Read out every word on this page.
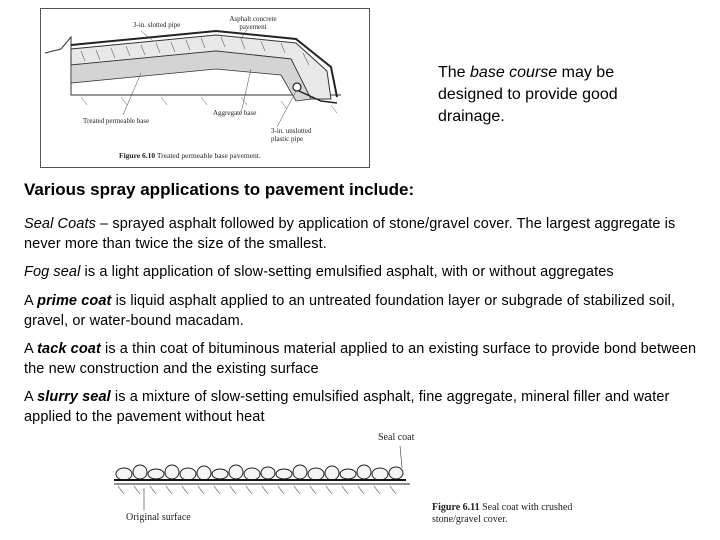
3-in. slotted pipe
Asphalt concrete pavement
Treated permeable base
Aggregate base
3-in. unslotted plastic pipe
Figure 6.10 Treated permeable base pavement.
The base course may be designed to provide good drainage.
Various spray applications to pavement include:
Seal Coats – sprayed asphalt followed by application of stone/gravel cover. The largest aggregate is never more than twice the size of the smallest.
Fog seal is a light application of slow-setting emulsified asphalt, with or without aggregates
A prime coat is liquid asphalt applied to an untreated foundation layer or subgrade of stabilized soil, gravel, or water-bound macadam.
A tack coat is a thin coat of bituminous material applied to an existing surface to provide bond between the new construction and the existing surface
A slurry seal is a mixture of slow-setting emulsified asphalt, fine aggregate, mineral filler and water applied to the pavement without heat
Seal coat
Original surface
Figure 6.11 Seal coat with crushed stone/gravel cover.
